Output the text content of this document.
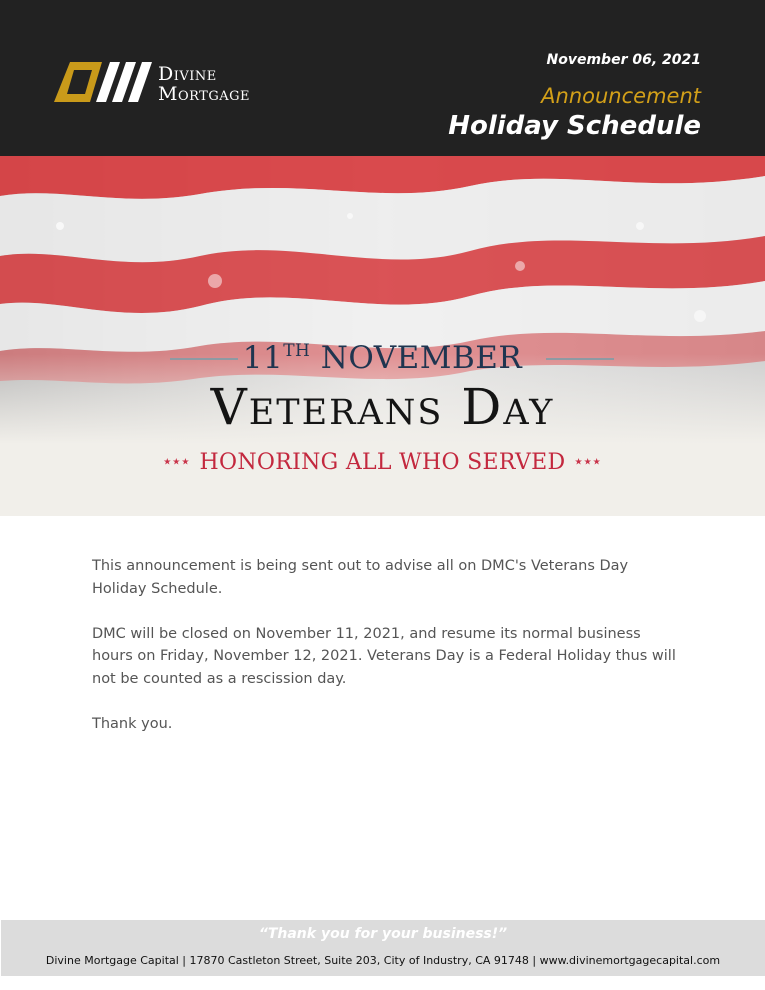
Divine
Mortgage
November 06, 2021
Announcement
Holiday Schedule
11TH NOVEMBER
Veterans Day
★★★ HONORING ALL WHO SERVED ★★★

This announcement is being sent out to advise all on DMC's Veterans Day Holiday Schedule.

DMC will be closed on November 11, 2021, and resume its normal business hours on Friday, November 12, 2021. Veterans Day is a Federal Holiday thus will not be counted as a rescission day.

Thank you.

“Thank you for your business!”
Divine Mortgage Capital | 17870 Castleton Street, Suite 203, City of Industry, CA 91748 | www.divinemortgagecapital.com
